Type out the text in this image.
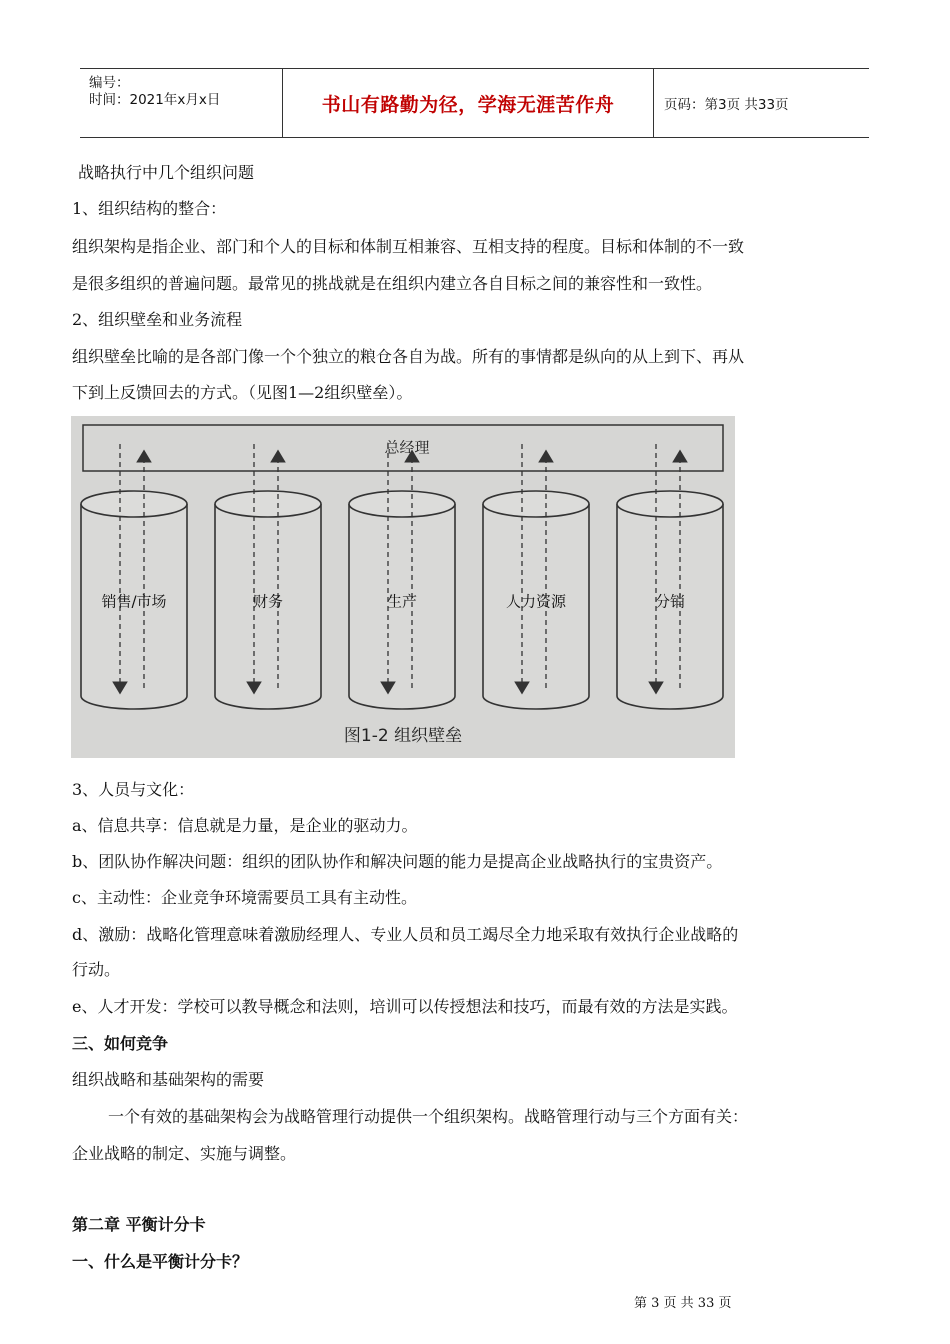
编号：
时间：2021年x月x日	书山有路勤为径，学海无涯苦作舟	页码：第3页 共33页
战略执行中几个组织问题
1、组织结构的整合：
组织架构是指企业、部门和个人的目标和体制互相兼容、互相支持的程度。目标和体制的不一致
是很多组织的普遍问题。最常见的挑战就是在组织内建立各自目标之间的兼容性和一致性。
2、组织壁垒和业务流程
组织壁垒比喻的是各部门像一个个独立的粮仓各自为战。所有的事情都是纵向的从上到下、再从
下到上反馈回去的方式。（见图1—2组织壁垒）。
总经理
销售/市场	财务	生产	人力资源	分销
图1-2 组织壁垒
3、人员与文化：
a、信息共享：信息就是力量，是企业的驱动力。
b、团队协作解决问题：组织的团队协作和解决问题的能力是提高企业战略执行的宝贵资产。
c、主动性：企业竞争环境需要员工具有主动性。
d、激励：战略化管理意味着激励经理人、专业人员和员工竭尽全力地采取有效执行企业战略的
行动。
e、人才开发：学校可以教导概念和法则，培训可以传授想法和技巧，而最有效的方法是实践。
三、如何竞争
组织战略和基础架构的需要
一个有效的基础架构会为战略管理行动提供一个组织架构。战略管理行动与三个方面有关：
企业战略的制定、实施与调整。
第二章 平衡计分卡
一、什么是平衡计分卡？
第 3 页 共 33 页
